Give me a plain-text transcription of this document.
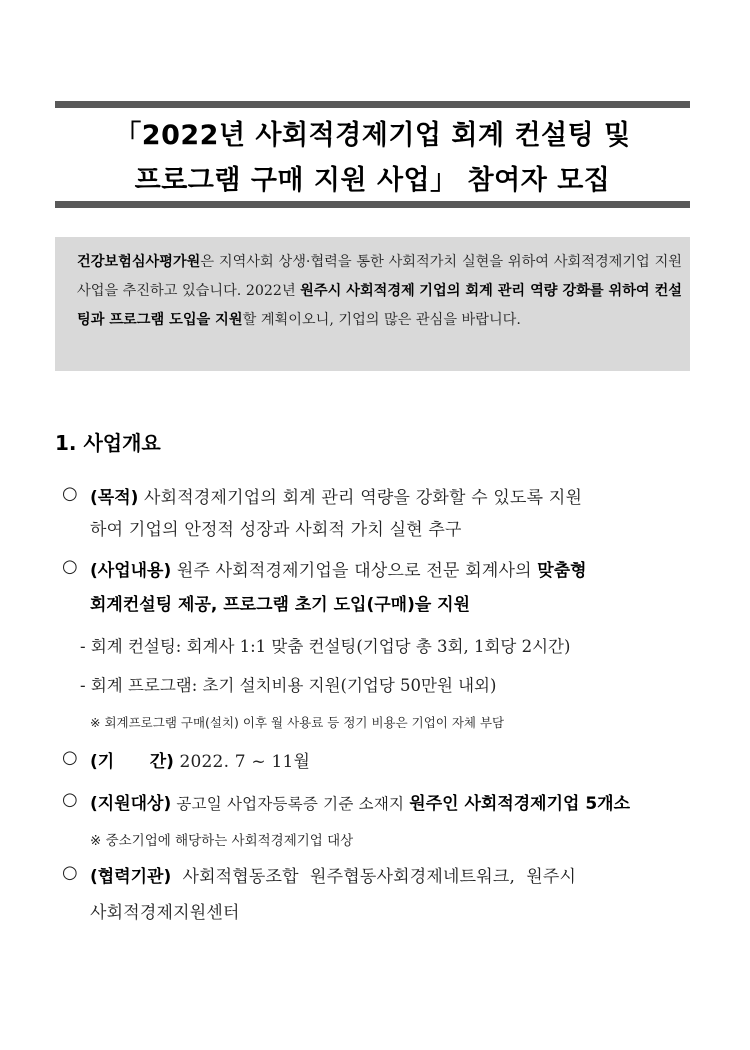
「2022년 사회적경제기업 회계 컨설팅 및
프로그램 구매 지원 사업」 참여자 모집
건강보험심사평가원은 지역사회 상생·협력을 통한 사회적가치 실현을 위하여 사회적경제기업 지원 사업을 추진하고 있습니다. 2022년 원주시 사회적경제 기업의 회계 관리 역량 강화를 위하여 컨설팅과 프로그램 도입을 지원할 계획이오니, 기업의 많은 관심을 바랍니다.
1. 사업개요
○ (목적) 사회적경제기업의 회계 관리 역량을 강화할 수 있도록 지원
하여 기업의 안정적 성장과 사회적 가치 실현 추구
○ (사업내용) 원주 사회적경제기업을 대상으로 전문 회계사의 맞춤형
회계컨설팅 제공, 프로그램 초기 도입(구매)을 지원
- 회계 컨설팅: 회계사 1:1 맞춤 컨설팅(기업당 총 3회, 1회당 2시간)
- 회계 프로그램: 초기 설치비용 지원(기업당 50만원 내외)
※ 회계프로그램 구매(설치) 이후 월 사용료 등 정기 비용은 기업이 자체 부담
○ (기      간) 2022. 7 ~ 11월
○ (지원대상) 공고일 사업자등록증 기준 소재지 원주인 사회적경제기업 5개소
※ 중소기업에 해당하는 사회적경제기업 대상
○ (협력기관)  사회적협동조합  원주협동사회경제네트워크,  원주시
사회적경제지원센터
